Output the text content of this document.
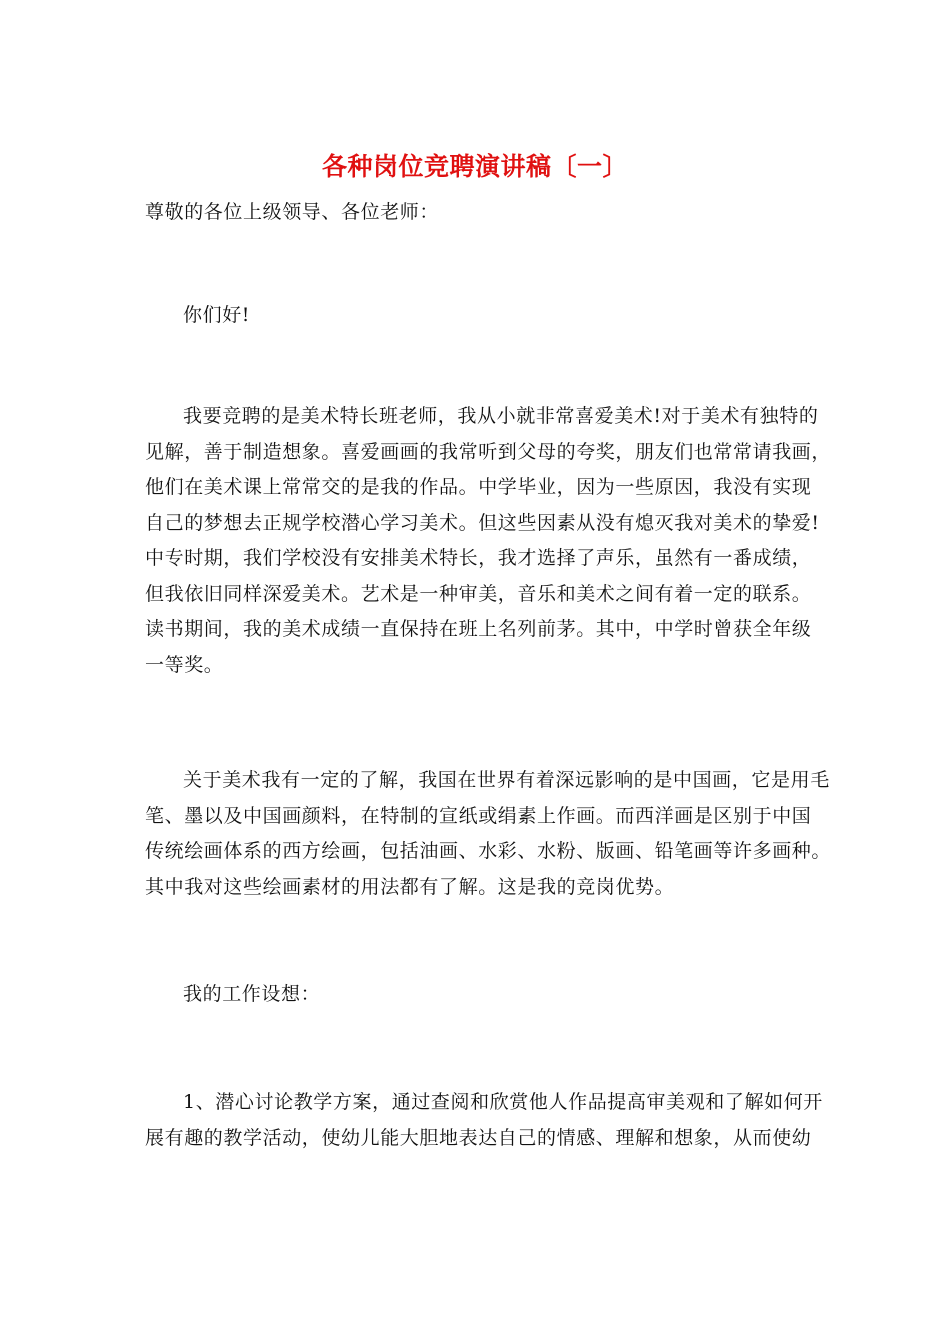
各种岗位竞聘演讲稿〔一〕
尊敬的各位上级领导、各位老师：
你们好!
我要竞聘的是美术特长班老师，我从小就非常喜爱美术!对于美术有独特的
见解，善于制造想象。喜爱画画的我常听到父母的夸奖，朋友们也常常请我画，
他们在美术课上常常交的是我的作品。中学毕业，因为一些原因，我没有实现
自己的梦想去正规学校潜心学习美术。但这些因素从没有熄灭我对美术的挚爱!
中专时期，我们学校没有安排美术特长，我才选择了声乐，虽然有一番成绩，
但我依旧同样深爱美术。艺术是一种审美，音乐和美术之间有着一定的联系。
读书期间，我的美术成绩一直保持在班上名列前茅。其中，中学时曾获全年级
一等奖。
关于美术我有一定的了解，我国在世界有着深远影响的是中国画，它是用毛
笔、墨以及中国画颜料，在特制的宣纸或绢素上作画。而西洋画是区别于中国
传统绘画体系的西方绘画，包括油画、水彩、水粉、版画、铅笔画等许多画种。
其中我对这些绘画素材的用法都有了解。这是我的竞岗优势。
我的工作设想：
1、潜心讨论教学方案，通过查阅和欣赏他人作品提高审美观和了解如何开
展有趣的教学活动，使幼儿能大胆地表达自己的情感、理解和想象，从而使幼
